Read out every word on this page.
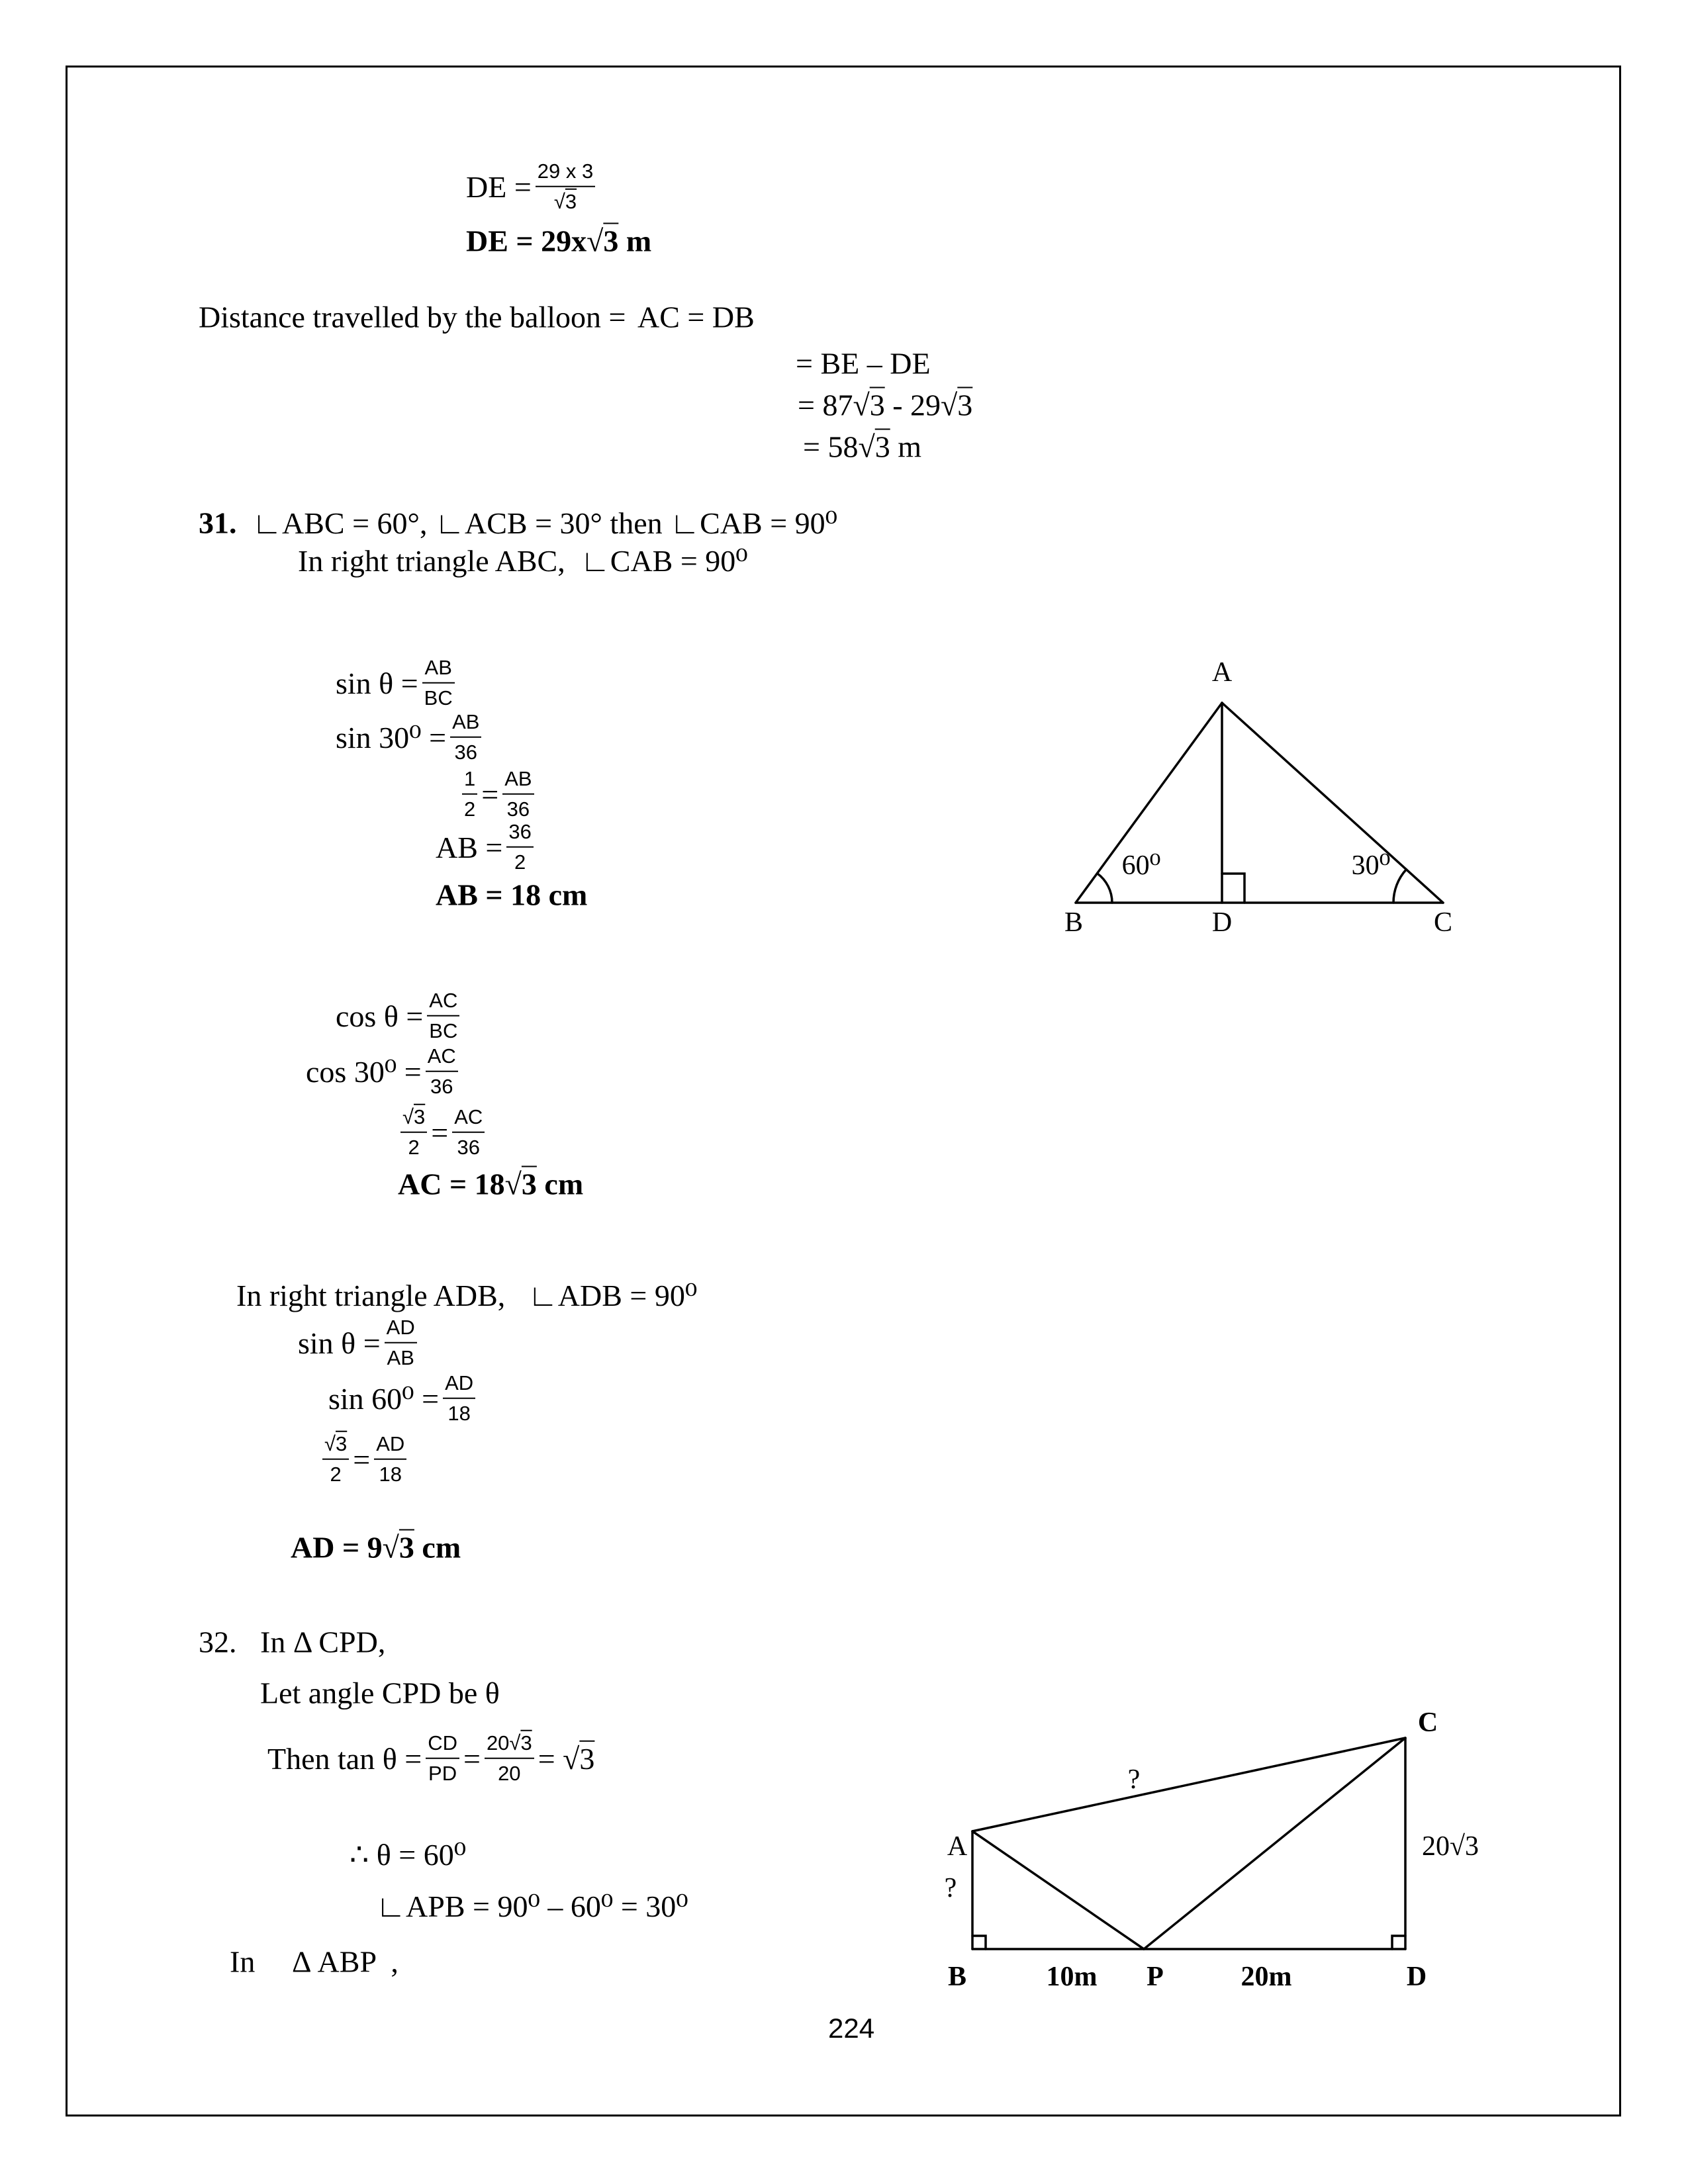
DE = $\frac{29 x 3}{√3}$
DE = 29x√3 m
Distance travelled by the balloon = AC = DB
= BE – DE
= 87√3 - 29√3
= 58√3 m
31. ∟ABC = 60°, ∟ACB = 30° then ∟CAB = 90⁰
In right triangle ABC,  ∟CAB = 90⁰
$\sin \theta = \frac{AB}{BC}$
$\sin 30^0 = \frac{AB}{36}$
$\frac{1}{2} = \frac{AB}{36}$
AB = $\frac{36}{2}$
AB = 18 cm
$\cos \theta = \frac{AC}{BC}$
$\cos 30^0 = \frac{AC}{36}$
$\frac{√3}{2} = \frac{AC}{36}$
AC = 18√3 cm
In right triangle ADB,   ∟ADB = 90⁰
$\sin \theta = \frac{AD}{AB}$
$\sin 60^0 = \frac{AD}{18}$
$\frac{√3}{2} = \frac{AD}{18}$
AD = 9√3 cm
A
B	D	C
60⁰	30⁰
32. In Δ CPD,
Let angle CPD be θ
Then $\tan \theta = \frac{CD}{PD} = \frac{20√3}{20} = √3$
∴ θ = 60⁰
∟APB = 90⁰ – 60⁰ = 30⁰
In Δ ABP  ,
C
?
A
?
20√3
B	10m P	20m	D
224
